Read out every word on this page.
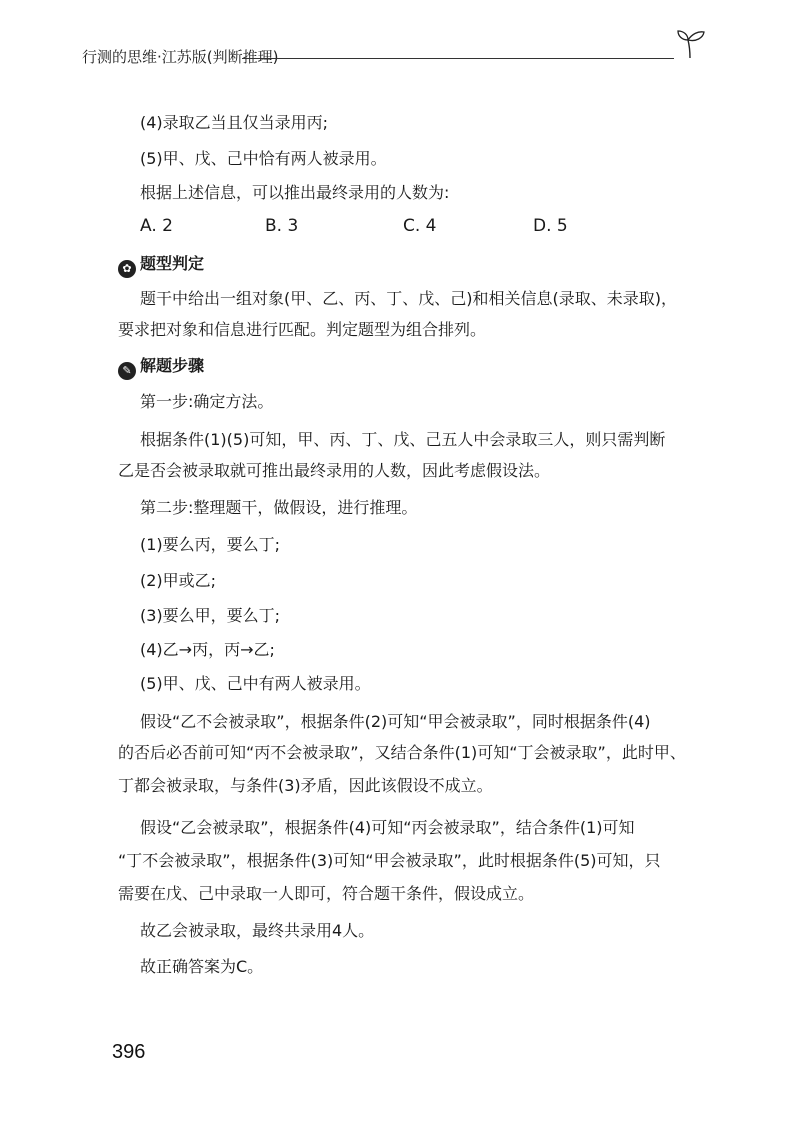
行测的思维·江苏版(判断推理)
(4)录取乙当且仅当录用丙;
(5)甲、戊、己中恰有两人被录用。
根据上述信息，可以推出最终录用的人数为:
A. 2	B. 3	C. 4	D. 5
✿ 题型判定
题干中给出一组对象(甲、乙、丙、丁、戊、己)和相关信息(录取、未录取)，
要求把对象和信息进行匹配。判定题型为组合排列。
✎ 解题步骤
第一步:确定方法。
根据条件(1)(5)可知，甲、丙、丁、戊、己五人中会录取三人，则只需判断
乙是否会被录取就可推出最终录用的人数，因此考虑假设法。
第二步:整理题干，做假设，进行推理。
(1)要么丙，要么丁;
(2)甲或乙;
(3)要么甲，要么丁;
(4)乙→丙，丙→乙;
(5)甲、戊、己中有两人被录用。
假设“乙不会被录取”，根据条件(2)可知“甲会被录取”，同时根据条件(4)
的否后必否前可知“丙不会被录取”，又结合条件(1)可知“丁会被录取”，此时甲、
丁都会被录取，与条件(3)矛盾，因此该假设不成立。
假设“乙会被录取”，根据条件(4)可知“丙会被录取”，结合条件(1)可知
“丁不会被录取”，根据条件(3)可知“甲会被录取”，此时根据条件(5)可知，只
需要在戊、己中录取一人即可，符合题干条件，假设成立。
故乙会被录取，最终共录用4人。
故正确答案为C。
396
